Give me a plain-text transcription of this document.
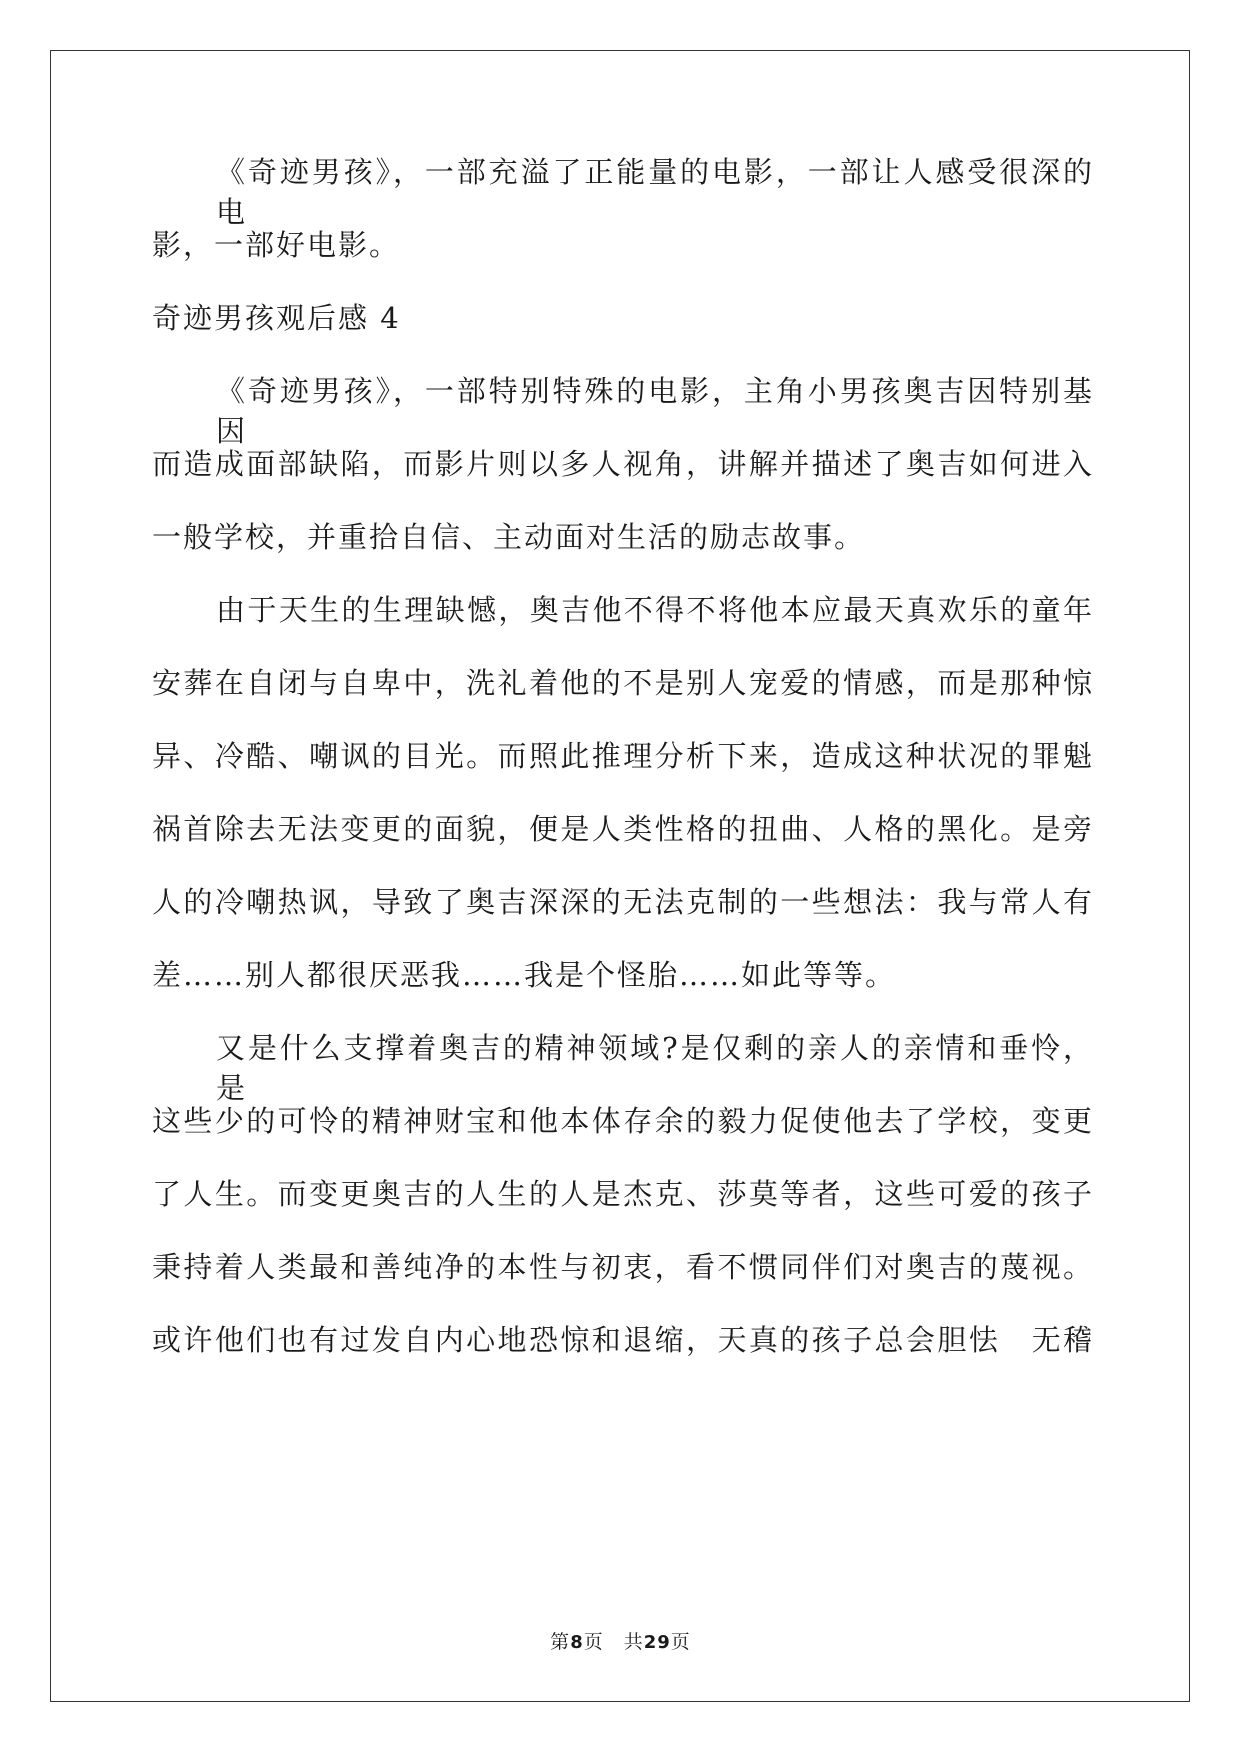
《奇迹男孩》，一部充溢了正能量的电影，一部让人感受很深的电
影，一部好电影。
奇迹男孩观后感 4
《奇迹男孩》，一部特别特殊的电影，主角小男孩奥吉因特别基因
而造成面部缺陷，而影片则以多人视角，讲解并描述了奥吉如何进入
一般学校，并重拾自信、主动面对生活的励志故事。
由于天生的生理缺憾，奥吉他不得不将他本应最天真欢乐的童年
安葬在自闭与自卑中，洗礼着他的不是别人宠爱的情感，而是那种惊
异、冷酷、嘲讽的目光。而照此推理分析下来，造成这种状况的罪魁
祸首除去无法变更的面貌，便是人类性格的扭曲、人格的黑化。是旁
人的冷嘲热讽，导致了奥吉深深的无法克制的一些想法：我与常人有
差……别人都很厌恶我……我是个怪胎……如此等等。
又是什么支撑着奥吉的精神领域?是仅剩的亲人的亲情和垂怜，是
这些少的可怜的精神财宝和他本体存余的毅力促使他去了学校，变更
了人生。而变更奥吉的人生的人是杰克、莎莫等者，这些可爱的孩子
秉持着人类最和善纯净的本性与初衷，看不惯同伴们对奥吉的蔑视。
或许他们也有过发自内心地恐惊和退缩，天真的孩子总会胆怯　无稽
第8页　共29页
